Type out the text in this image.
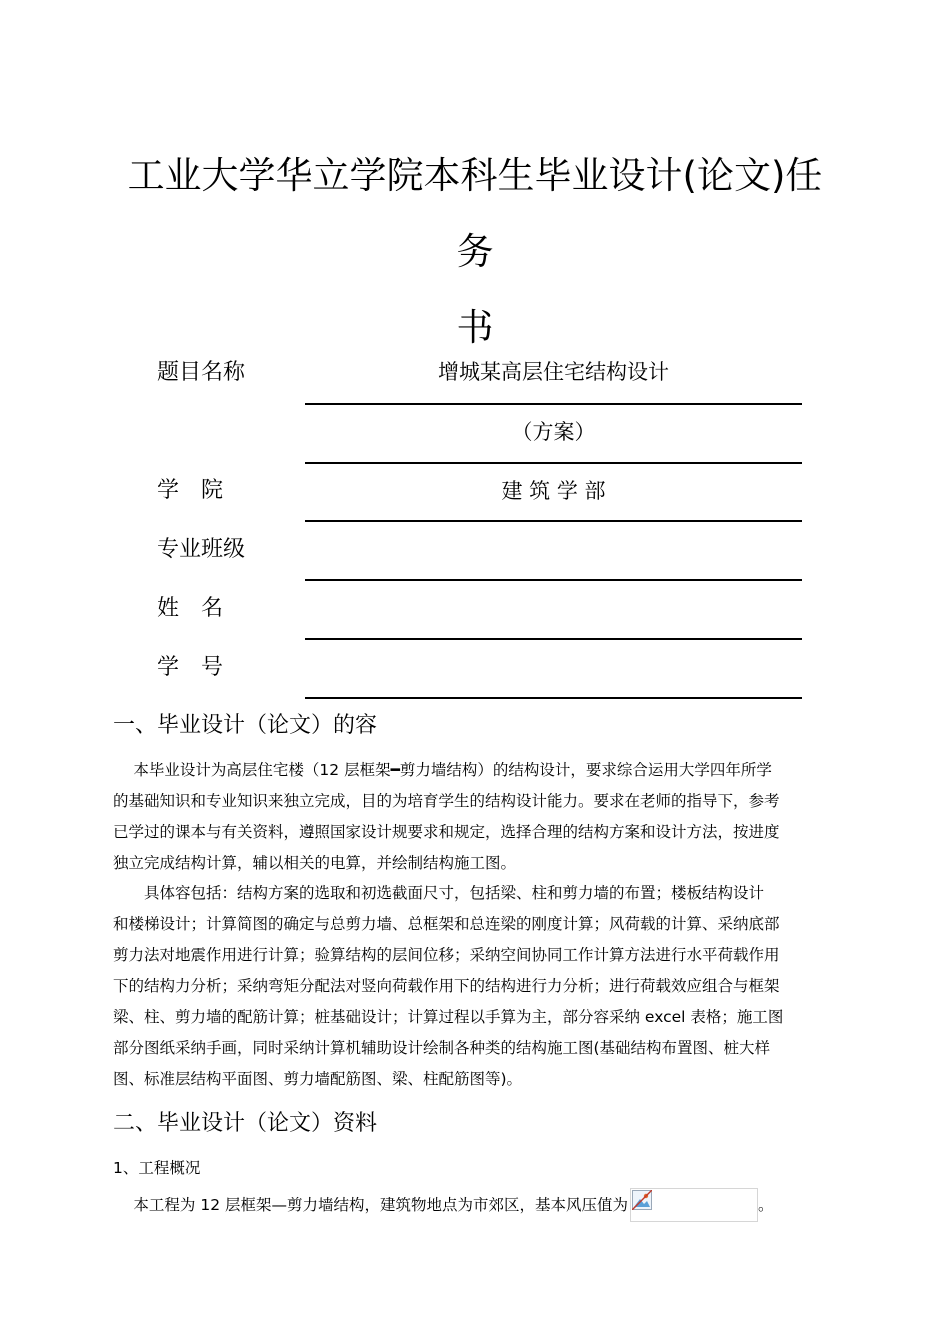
工业大学华立学院本科生毕业设计(论文)任务
书
题目名称	增城某高层住宅结构设计
（方案）
学　院	建 筑 学 部
专业班级
姓　名
学　号
一、毕业设计（论文）的容
　 本毕业设计为高层住宅楼（12 层框架━剪力墙结构）的结构设计，要求综合运用大学四年所学
的基础知识和专业知识来独立完成，目的为培育学生的结构设计能力。要求在老师的指导下，参考
已学过的课本与有关资料，遵照国家设计规要求和规定，选择合理的结构方案和设计方法，按进度
独立完成结构计算，辅以相关的电算，并绘制结构施工图。
　　具体容包括：结构方案的选取和初选截面尺寸，包括梁、柱和剪力墙的布置；楼板结构设计
和楼梯设计；计算简图的确定与总剪力墙、总框架和总连梁的刚度计算；风荷载的计算、采纳底部
剪力法对地震作用进行计算；验算结构的层间位移；采纳空间协同工作计算方法进行水平荷载作用
下的结构力分析；采纳弯矩分配法对竖向荷载作用下的结构进行力分析；进行荷载效应组合与框架
梁、柱、剪力墙的配筋计算；桩基础设计；计算过程以手算为主，部分容采纳 excel 表格；施工图
部分图纸采纳手画，同时采纳计算机辅助设计绘制各种类的结构施工图(基础结构布置图、桩大样
图、标准层结构平面图、剪力墙配筋图、梁、柱配筋图等)。
二、毕业设计（论文）资料
1、工程概况
　 本工程为 12 层框架—剪力墙结构，建筑物地点为市郊区，基本风压值为	。
